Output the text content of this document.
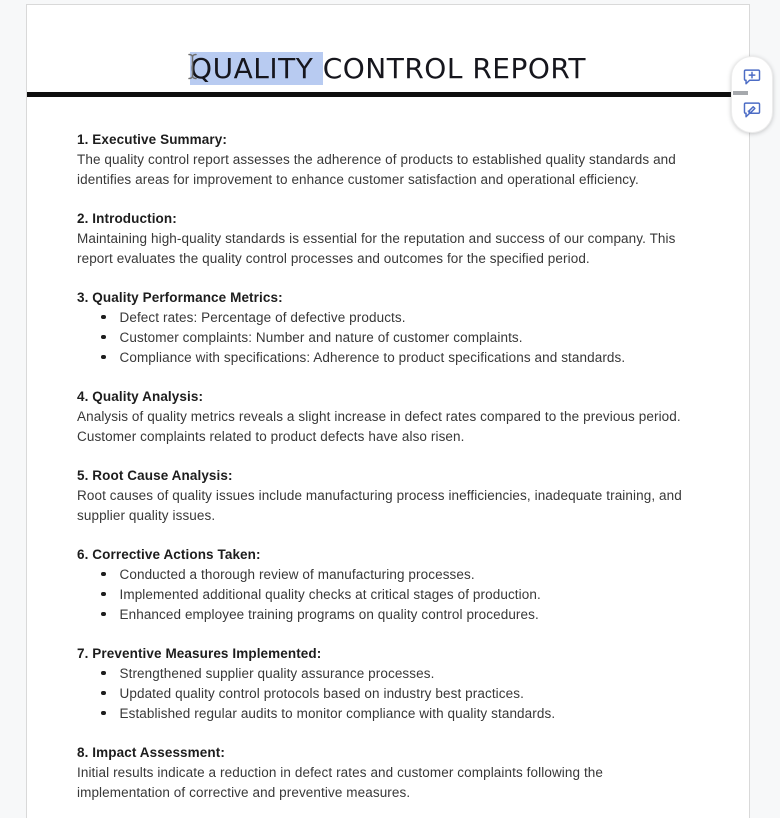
QUALITY CONTROL REPORT
1. Executive Summary:
The quality control report assesses the adherence of products to established quality standards and identifies areas for improvement to enhance customer satisfaction and operational efficiency.
2. Introduction:
Maintaining high-quality standards is essential for the reputation and success of our company. This report evaluates the quality control processes and outcomes for the specified period.
3. Quality Performance Metrics:
Defect rates: Percentage of defective products.
Customer complaints: Number and nature of customer complaints.
Compliance with specifications: Adherence to product specifications and standards.
4. Quality Analysis:
Analysis of quality metrics reveals a slight increase in defect rates compared to the previous period. Customer complaints related to product defects have also risen.
5. Root Cause Analysis:
Root causes of quality issues include manufacturing process inefficiencies, inadequate training, and supplier quality issues.
6. Corrective Actions Taken:
Conducted a thorough review of manufacturing processes.
Implemented additional quality checks at critical stages of production.
Enhanced employee training programs on quality control procedures.
7. Preventive Measures Implemented:
Strengthened supplier quality assurance processes.
Updated quality control protocols based on industry best practices.
Established regular audits to monitor compliance with quality standards.
8. Impact Assessment:
Initial results indicate a reduction in defect rates and customer complaints following the implementation of corrective and preventive measures.
